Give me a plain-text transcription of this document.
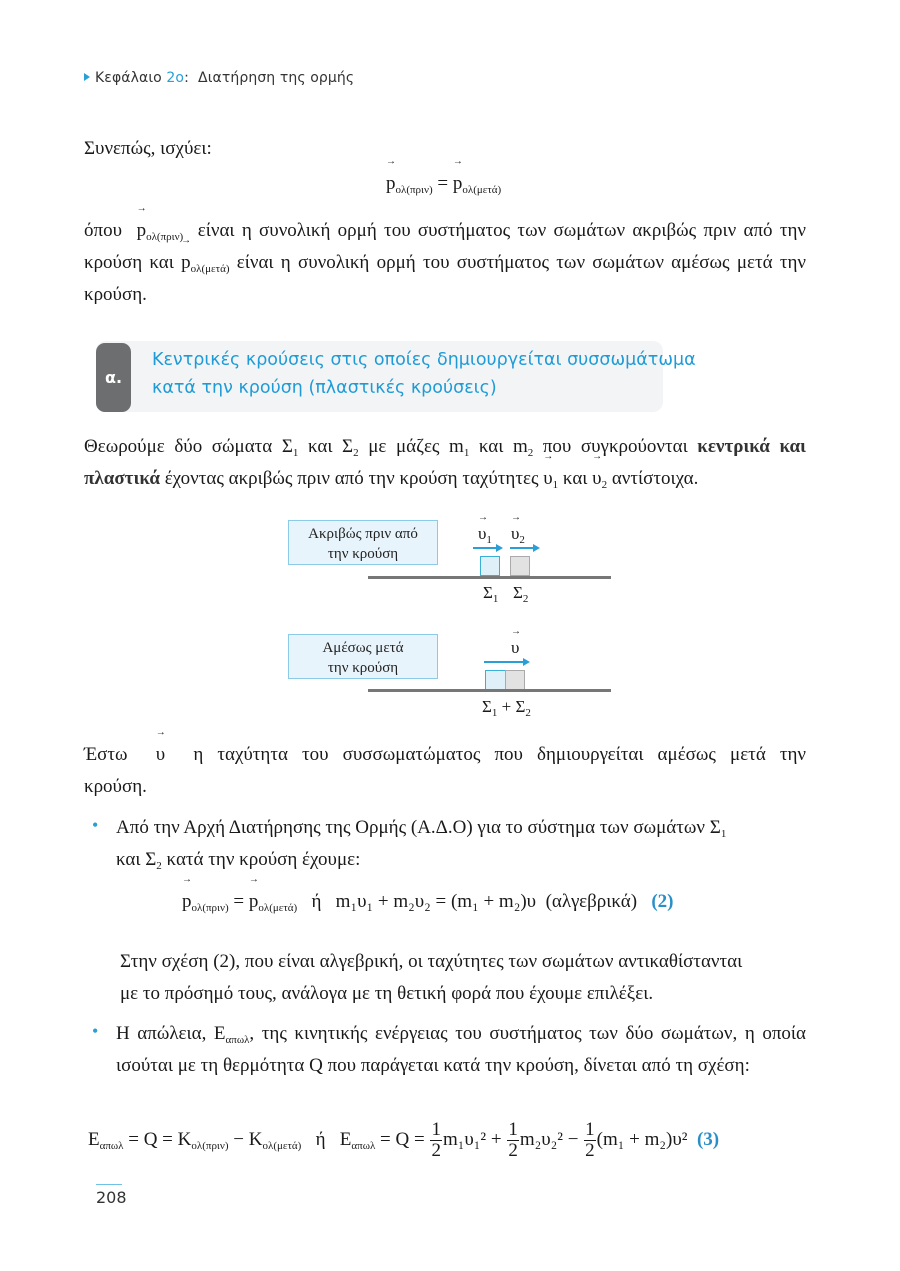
Κεφάλαιο 2ο: Διατήρηση της ορμής
Συνεπώς, ισχύει:
→ $p_{o\lambda(\pi\rho\iota\nu)}$ = → $p_{o\lambda(\mu\varepsilon\tau ά)}$
$ό\pi o\upsilon \to p_{o\lambda(\pi\rho\iota\nu)}$ είναι η συνολική ορμή του συστήματος των σωμάτων ακριβώς πριν από την κρούση $\kappa\alpha\iota \to p_{o\lambda(\mu\varepsilon\tau ά)}$ είναι η συνολική ορμή του συστήματος των σωμάτων αμέσως μετά την κρούση.
α.
Κεντρικές κρούσεις στις οποίες δημιουργείται συσσωμάτωμα
κατά την κρούση (πλαστικές κρούσεις)
Θεωρούμε δύο σώματα $\Sigma_1$ και $\Sigma_2$ με μάζες $m_1$ και $m_2$ που συγκρούονται κεντρικά και πλαστικά έχοντας ακριβώς πριν από την κρούση $\tau\alpha\chi ύ\tau\eta\tau\varepsilon\varsigma \to \upsilon_1$ $\kappa\alpha\iota \to \upsilon_2$ αντίστοιχα.
Ακριβώς πριν από
την κρούση
→ $\upsilon_1 \to \upsilon_2$
$\Sigma_1$ $\Sigma_2$
Αμέσως μετά
την κρούση
→ υ
$\Sigma_1 + \Sigma_2$
Έστω → υ η ταχύτητα του συσσωματώματος που δημιουργείται αμέσως μετά την κρούση.
• Από την Αρχή Διατήρησης της Ορμής (Α.Δ.Ο) για το σύστημα των σωμάτων $\Sigma_1$
και $\Sigma_2$ κατά την κρούση έχουμε:
→ $p_{o\lambda(\pi\rho\iota\nu)}$ = → $p_{o\lambda(\mu\varepsilon\tau ά)}$ ή m₁υ₁ + m₂υ₂ = (m₁ + m₂)υ (αλγεβρικά) (2)
Στην σχέση (2), που είναι αλγεβρική, οι ταχύτητες των σωμάτων αντικαθίστανται
με το πρόσημό τους, ανάλογα με τη θετική φορά που έχουμε επιλέξει.
• Η απώλεια, $E_{\alpha\pi\omega\lambda}$, της κινητικής ενέργειας του συστήματος των δύο σωμάτων, η οποία ισούται με τη θερμότητα Q που παράγεται κατά την κρούση, δίνεται από τη σχέση:
$E_{\alpha\pi\omega\lambda} = Q = K_{o\lambda(\pi\rho\iota\nu)} - K_{o\lambda(\mu\varepsilon\tau ά)}$ ή $E_{\alpha\pi\omega\lambda} = Q = \frac{1}{2} m_1\upsilon_1^2 + \frac{1}{2} m_2\upsilon_2^2 - \frac{1}{2} (m_1 + m_2)\upsilon^2$ (3)
208
